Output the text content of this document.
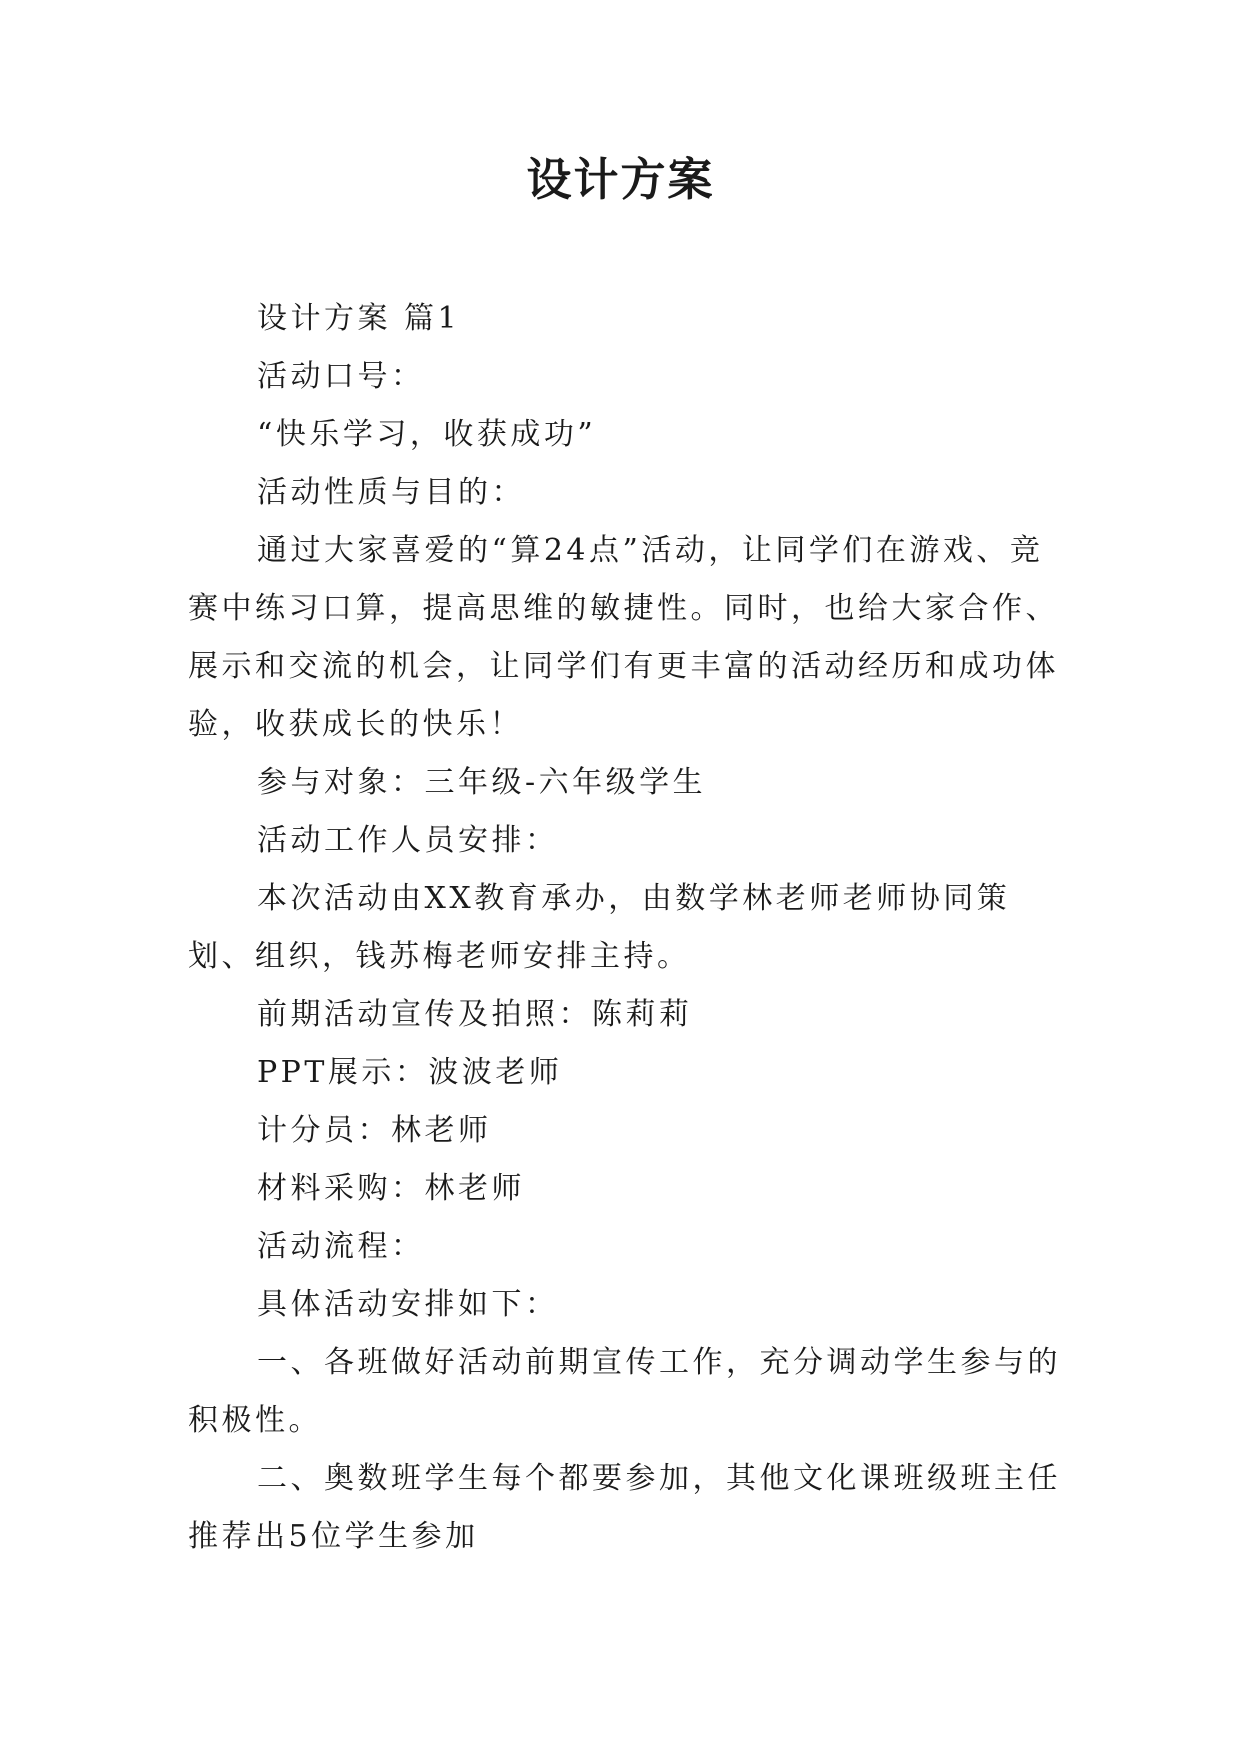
设计方案

设计方案 篇1

活动口号：

“快乐学习，收获成功”

活动性质与目的：

通过大家喜爱的“算24点”活动，让同学们在游戏、竞赛中练习口算，提高思维的敏捷性。同时，也给大家合作、展示和交流的机会，让同学们有更丰富的活动经历和成功体验，收获成长的快乐！

参与对象：三年级-六年级学生

活动工作人员安排：

本次活动由XX教育承办，由数学林老师老师协同策划、组织，钱苏梅老师安排主持。

前期活动宣传及拍照：陈莉莉

PPT展示：波波老师

计分员：林老师

材料采购：林老师

活动流程：

具体活动安排如下：

一、各班做好活动前期宣传工作，充分调动学生参与的积极性。

二、奥数班学生每个都要参加，其他文化课班级班主任推荐出5位学生参加
